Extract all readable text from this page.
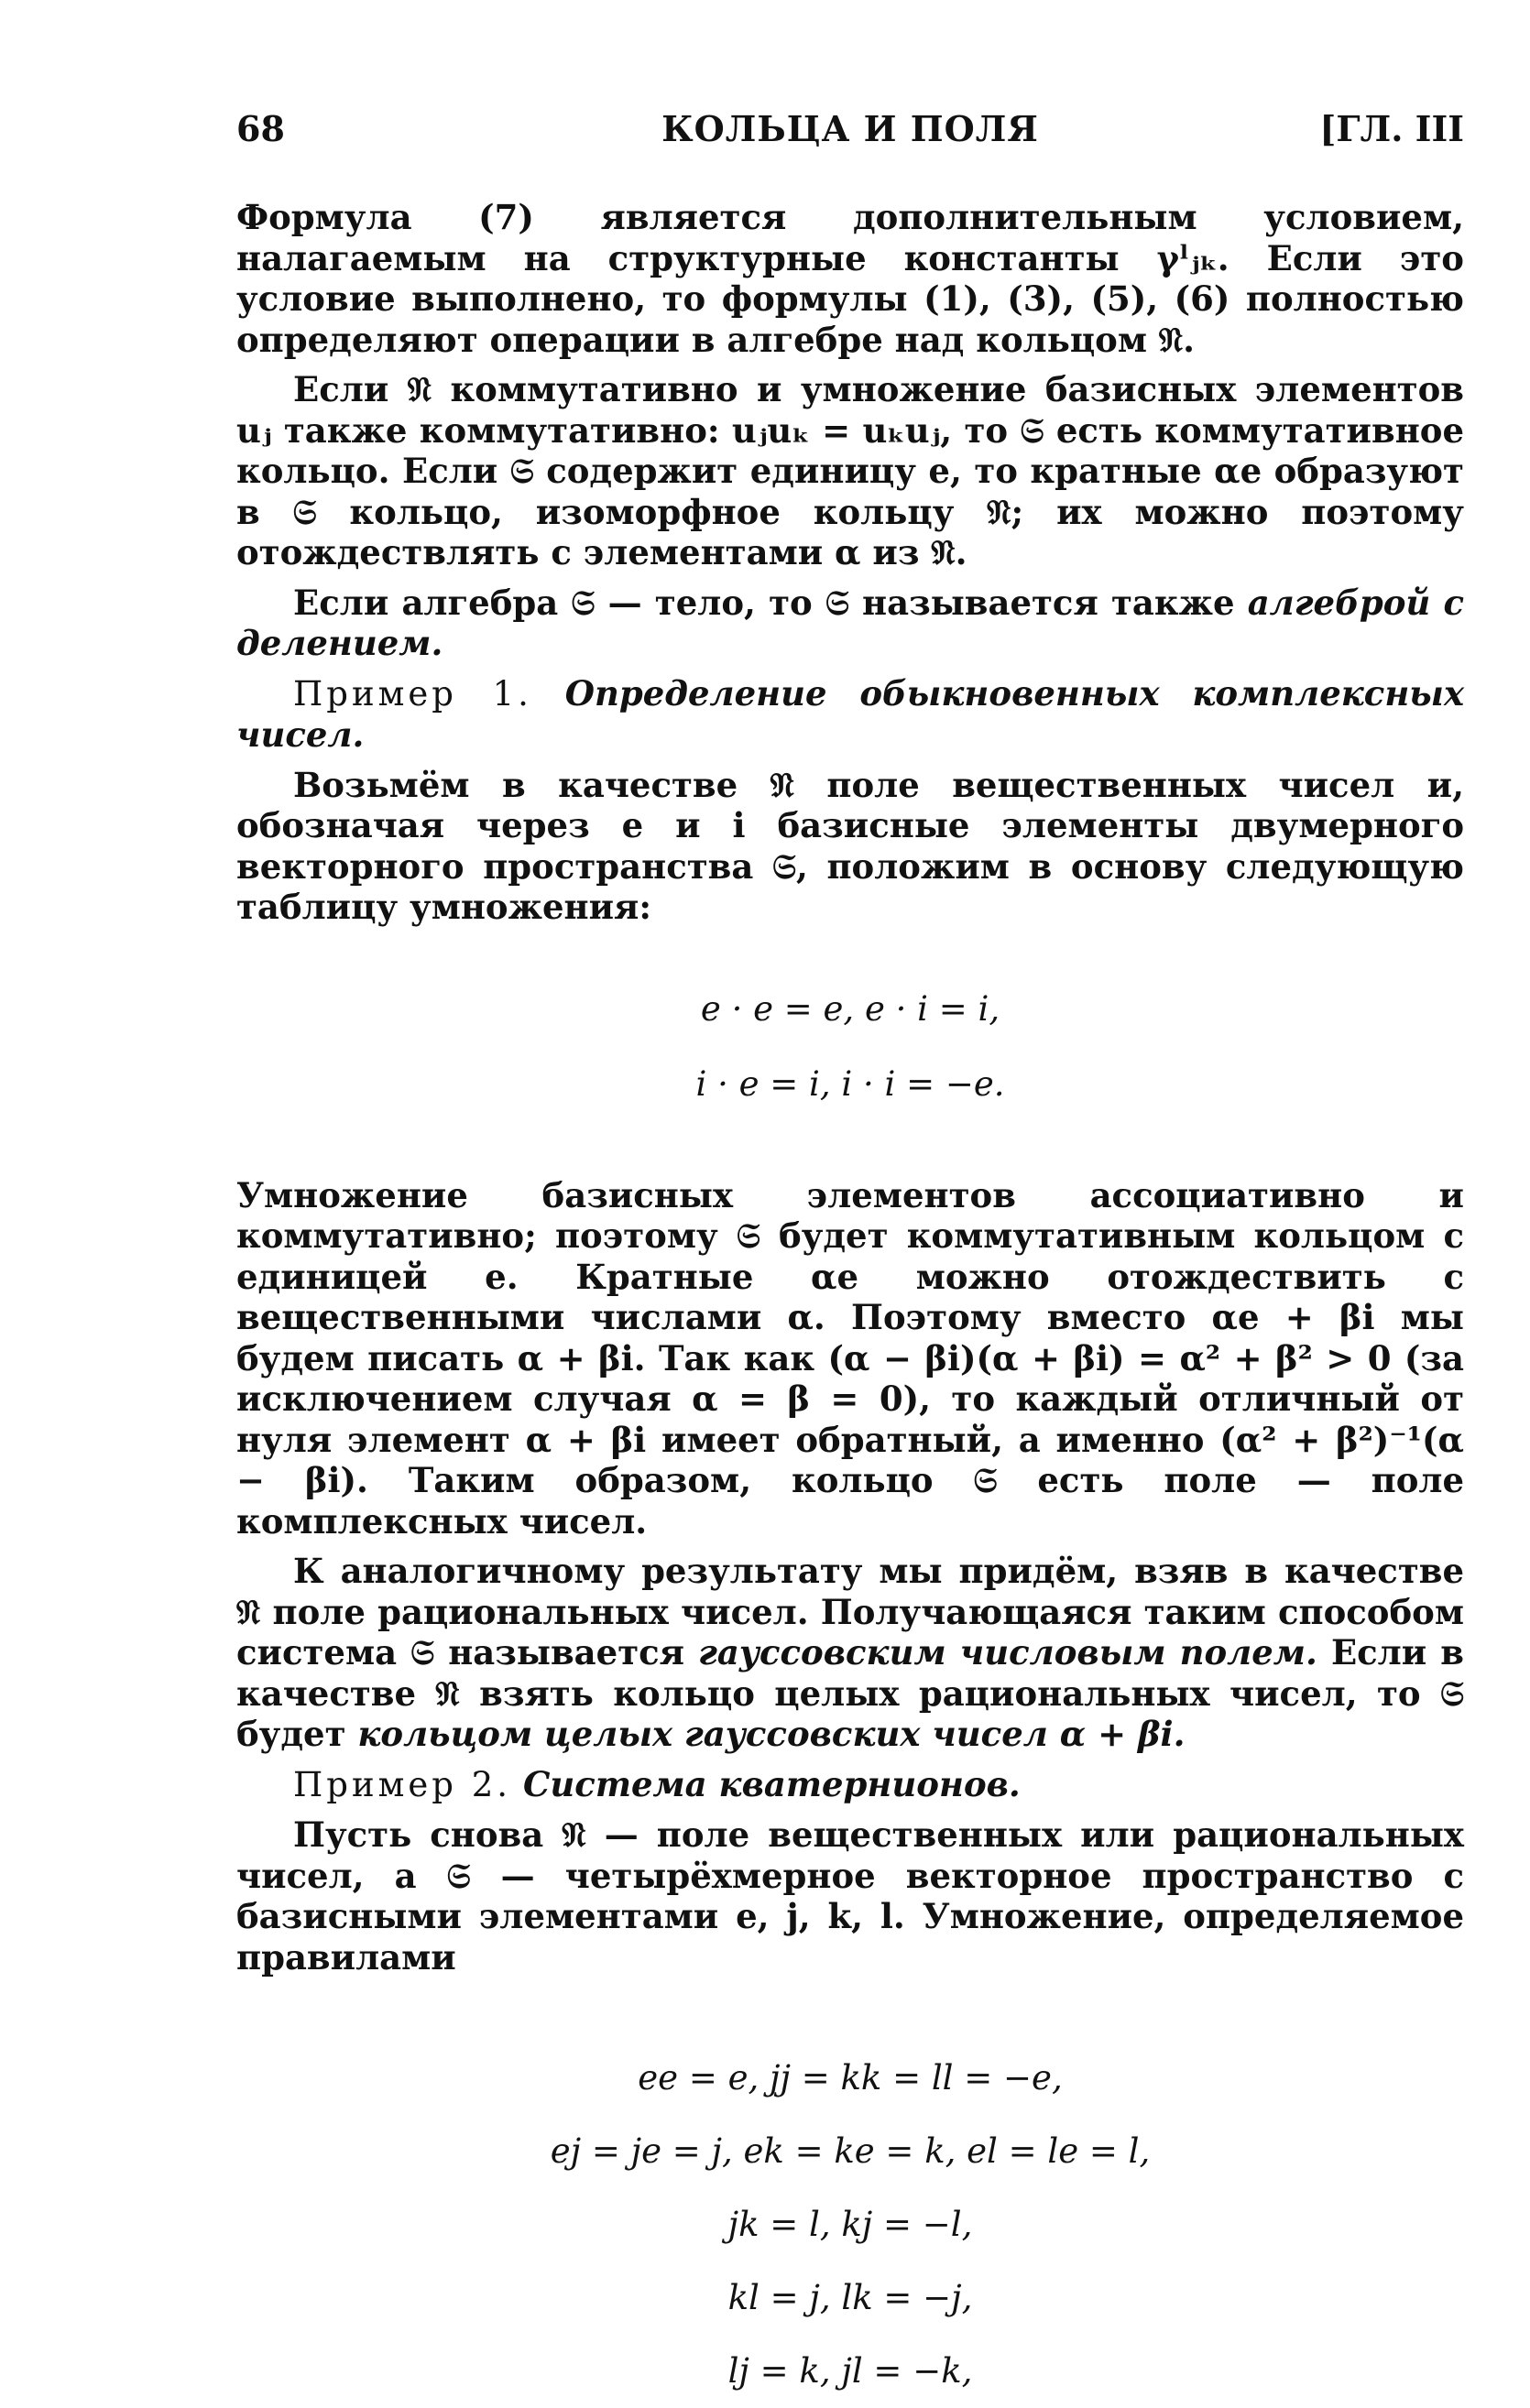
68	КОЛЬЦА И ПОЛЯ	[ГЛ. III

Формула (7) является дополнительным условием, налагаемым на структурные константы γˡⱼₖ. Если это условие выполнено, то формулы (1), (3), (5), (6) полностью определяют операции в алгебре над кольцом 𝔑.

Если 𝔑 коммутативно и умножение базисных элементов uⱼ также коммутативно: uⱼuₖ = uₖuⱼ, то 𝔖 есть коммутативное кольцо. Если 𝔖 содержит единицу e, то кратные αe образуют в 𝔖 кольцо, изоморфное кольцу 𝔑; их можно поэтому отождествлять с элементами α из 𝔑.

Если алгебра 𝔖 — тело, то 𝔖 называется также алгеброй с делением.

Пример 1. Определение обыкновенных комплексных чисел.

Возьмём в качестве 𝔑 поле вещественных чисел и, обозначая через e и i базисные элементы двумерного векторного пространства 𝔖, положим в основу следующую таблицу умножения:

e · e = e, e · i = i,
i · e = i, i · i = −e.

Умножение базисных элементов ассоциативно и коммутативно; поэтому 𝔖 будет коммутативным кольцом с единицей e. Кратные αe можно отождествить с вещественными числами α. Поэтому вместо αe + βi мы будем писать α + βi. Так как (α − βi)(α + βi) = α² + β² > 0 (за исключением случая α = β = 0), то каждый отличный от нуля элемент α + βi имеет обратный, а именно (α² + β²)⁻¹(α − βi). Таким образом, кольцо 𝔖 есть поле — поле комплексных чисел.

К аналогичному результату мы придём, взяв в качестве 𝔑 поле рациональных чисел. Получающаяся таким способом система 𝔖 называется гауссовским числовым полем. Если в качестве 𝔑 взять кольцо целых рациональных чисел, то 𝔖 будет кольцом целых гауссовских чисел α + βi.

Пример 2. Система кватернионов.

Пусть снова 𝔑 — поле вещественных или рациональных чисел, а 𝔖 — четырёхмерное векторное пространство с базисными элементами e, j, k, l. Умножение, определяемое правилами

ee = e, jj = kk = ll = −e,
ej = je = j, ek = ke = k, el = le = l,
jk = l, kj = −l,
kl = j, lk = −j,
lj = k, jl = −k,
